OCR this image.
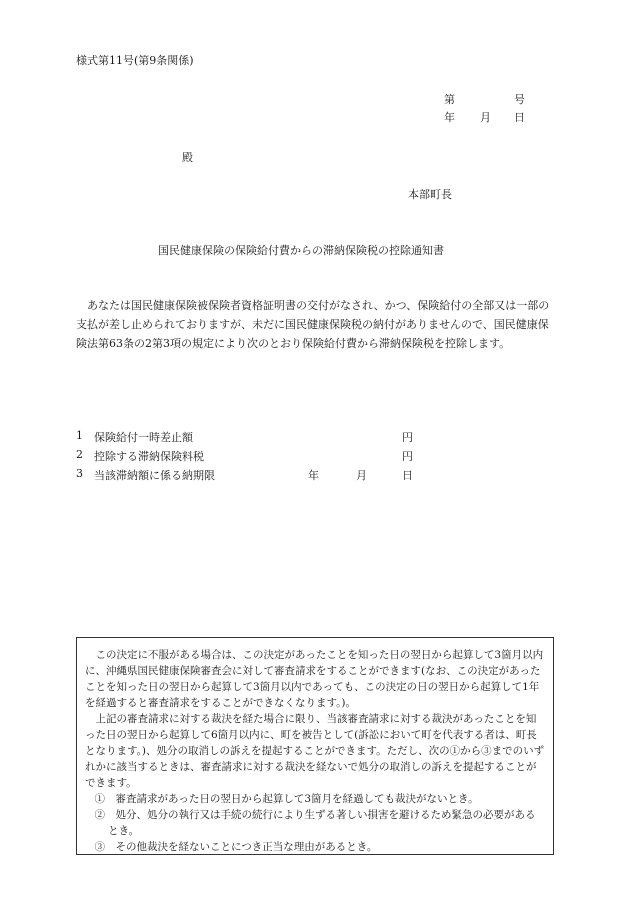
様式第11号(第9条関係)
第	号
年 月 日
殿
本部町長
国民健康保険の保険給付費からの滞納保険税の控除通知書
あなたは国民健康保険被保険者資格証明書の交付がなされ、かつ、保険給付の全部又は一部の支払が差し止められておりますが、未だに国民健康保険税の納付がありませんので、国民健康保険法第63条の2第3項の規定により次のとおり保険給付費から滞納保険税を控除します。
1 保険給付一時差止額	円
2 控除する滞納保険料税	円
3 当該滞納額に係る納期限	年	月	日

この決定に不服がある場合は、この決定があったことを知った日の翌日から起算して3箇月以内に、沖縄県国民健康保険審査会に対して審査請求をすることができます(なお、この決定があったことを知った日の翌日から起算して3箇月以内であっても、この決定の日の翌日から起算して1年を経過すると審査請求をすることができなくなります。)。

上記の審査請求に対する裁決を経た場合に限り、当該審査請求に対する裁決があったことを知った日の翌日から起算して6箇月以内に、町を被告として(訴訟において町を代表する者は、町長となります。)、処分の取消しの訴えを提起することができます。ただし、次の①から③までのいずれかに該当するときは、審査請求に対する裁決を経ないで処分の取消しの訴えを提起することができます。

①　審査請求があった日の翌日から起算して3箇月を経過しても裁決がないとき。

②　処分、処分の執行又は手続の続行により生ずる著しい損害を避けるため緊急の必要があるとき。

③　その他裁決を経ないことにつき正当な理由があるとき。
